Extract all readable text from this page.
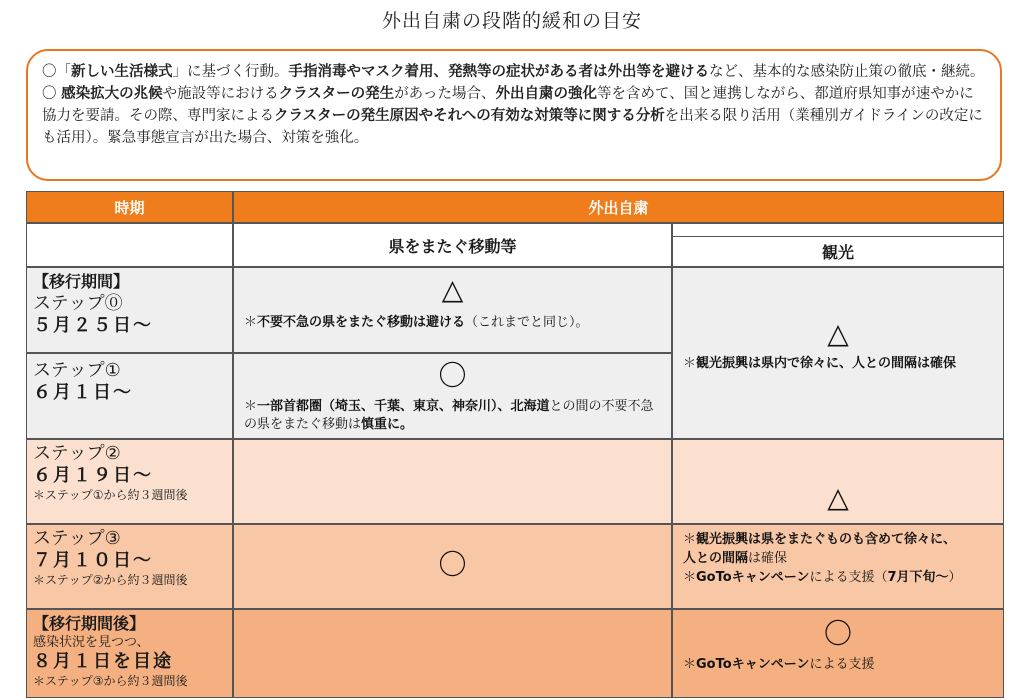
外出自粛の段階的緩和の目安
〇「新しい生活様式」に基づく行動。手指消毒やマスク着用、発熱等の症状がある者は外出等を避けるなど、基本的な感染防止策の徹底・継続。
〇 感染拡大の兆候や施設等におけるクラスターの発生があった場合、外出自粛の強化等を含めて、国と連携しながら、都道府県知事が速やかに協力を要請。その際、専門家によるクラスターの発生原因やそれへの有効な対策等に関する分析を出来る限り活用（業種別ガイドラインの改定にも活用）。緊急事態宣言が出た場合、対策を強化。
時期	外出自粛
県をまたぐ移動等	観光
【移行期間】
ステップ⓪
５月２５日～
ステップ①
６月１日～
ステップ②
６月１９日～
＊ステップ①から約３週間後
ステップ③
７月１０日～
＊ステップ②から約３週間後
【移行期間後】
感染状況を見つつ、
８月１日を目途
＊ステップ③から約３週間後
△
＊不要不急の県をまたぐ移動は避ける（これまでと同じ）。
〇
＊一部首都圏（埼玉、千葉、東京、神奈川）、北海道との間の不要不急の県をまたぐ移動は慎重に。
〇
△
＊観光振興は県内で徐々に、人との間隔は確保
△
＊観光振興は県をまたぐものも含めて徐々に、
人との間隔は確保
＊GoToキャンペーンによる支援（7月下旬～）
〇
＊GoToキャンペーンによる支援
